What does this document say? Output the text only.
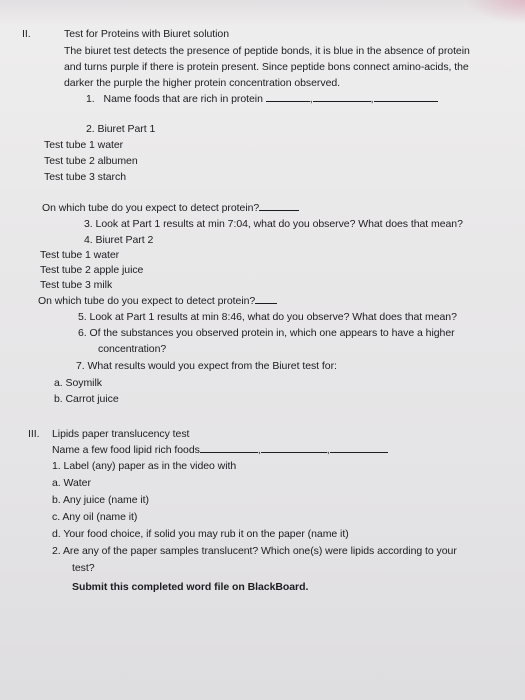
II.	Test for Proteins with Biuret solution
The biuret test detects the presence of peptide bonds, it is blue in the absence of protein
and turns purple if there is protein present. Since peptide bons connect amino-acids, the
darker the purple the higher protein concentration observed.
1. Name foods that are rich in protein	,	,
2. Biuret Part 1
Test tube 1 water
Test tube 2 albumen
Test tube 3 starch
On which tube do you expect to detect protein?
3. Look at Part 1 results at min 7:04, what do you observe? What does that mean?
4. Biuret Part 2
Test tube 1 water
Test tube 2 apple juice
Test tube 3 milk
On which tube do you expect to detect protein?
5. Look at Part 1 results at min 8:46, what do you observe? What does that mean?
6. Of the substances you observed protein in, which one appears to have a higher
concentration?
7. What results would you expect from the Biuret test for:
a. Soymilk
b. Carrot juice
III. Lipids paper translucency test
Name a few food lipid rich foods	,	,
1. Label (any) paper as in the video with
a. Water
b. Any juice (name it)
c. Any oil (name it)
d. Your food choice, if solid you may rub it on the paper (name it)
2. Are any of the paper samples translucent? Which one(s) were lipids according to your
test?
Submit this completed word file on BlackBoard.
